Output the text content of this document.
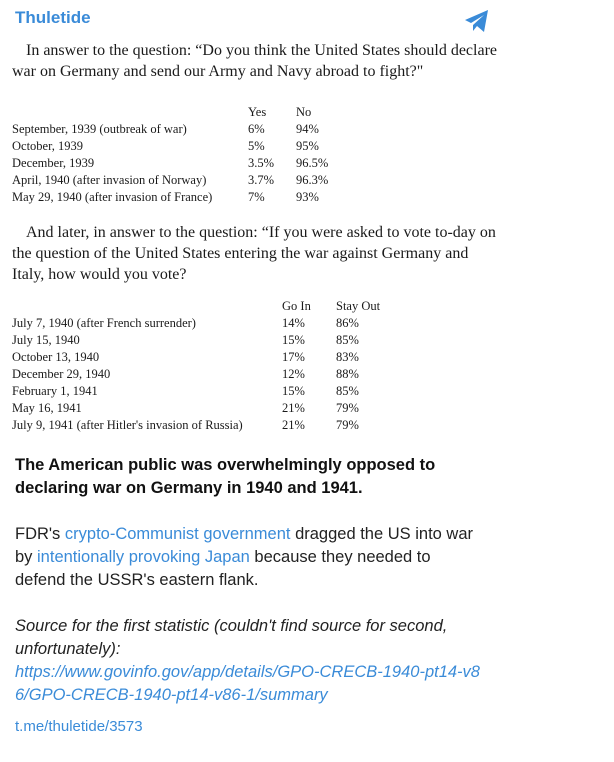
Thuletide

In answer to the question: “Do you think the United States should declare war on Germany and send our Army and Navy abroad to fight?"

	Yes	No
September, 1939 (outbreak of war)	6%	94%
October, 1939	5%	95%
December, 1939	3.5%	96.5%
April, 1940 (after invasion of Norway)	3.7%	96.3%
May 29, 1940 (after invasion of France)	7%	93%

And later, in answer to the question: “If you were asked to vote to-day on the question of the United States entering the war against Germany and Italy, how would you vote?

	Go In	Stay Out
July 7, 1940 (after French surrender)	14%	86%
July 15, 1940	15%	85%
October 13, 1940	17%	83%
December 29, 1940	12%	88%
February 1, 1941	15%	85%
May 16, 1941	21%	79%
July 9, 1941 (after Hitler's invasion of Russia)	21%	79%

The American public was overwhelmingly opposed to declaring war on Germany in 1940 and 1941.

FDR's crypto-Communist government dragged the US into war by intentionally provoking Japan because they needed to defend the USSR's eastern flank.

Source for the first statistic (couldn't find source for second, unfortunately):

https://www.govinfo.gov/app/details/GPO-CRECB-1940-pt14-v86/GPO-CRECB-1940-pt14-v86-1/summary

t.me/thuletide/3573
